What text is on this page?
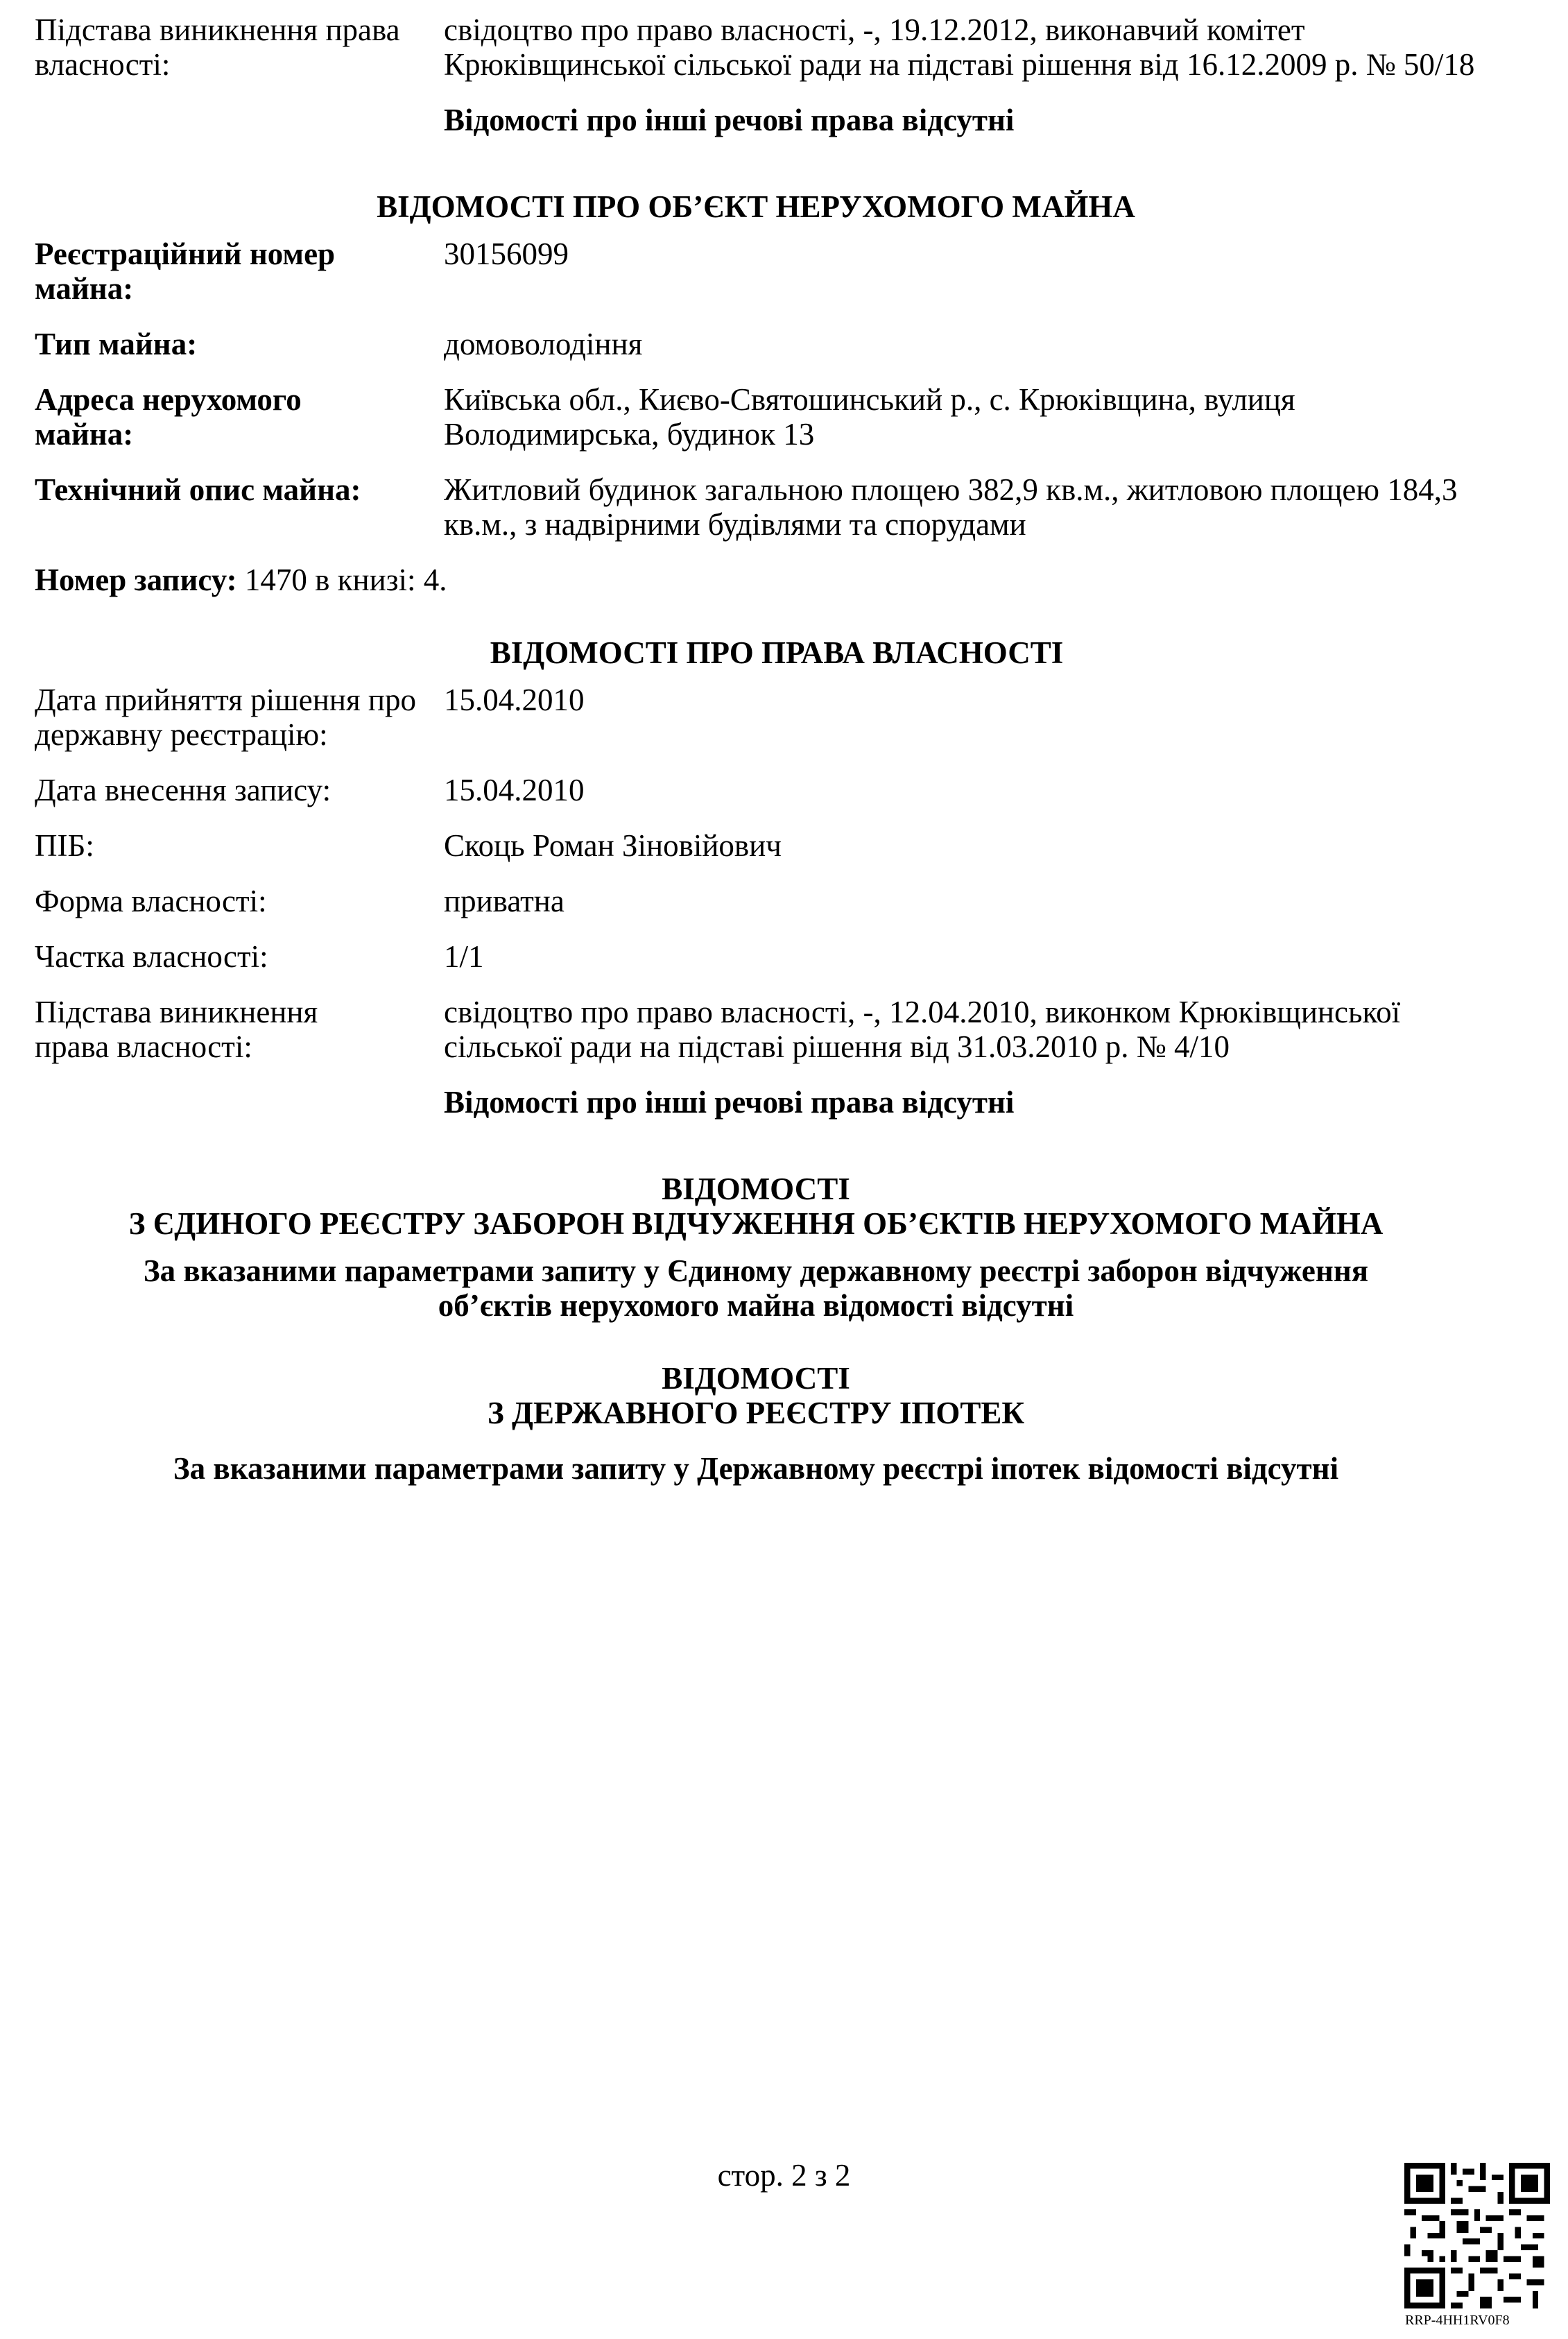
Підстава виникнення права власності:
свідоцтво про право власності, -, 19.12.2012, виконавчий комітет Крюківщинської сільської ради на підставі рішення від 16.12.2009 р. № 50/18
Відомості про інші речові права відсутні
ВІДОМОСТІ ПРО ОБ’ЄКТ НЕРУХОМОГО МАЙНА
Реєстраційний номер майна:
30156099
Тип майна:	домоволодіння
Адреса нерухомого майна:
Київська обл., Києво-Святошинський р., с. Крюківщина, вулиця Володимирська, будинок 13
Технічний опис майна:	Житловий будинок загальною площею 382,9 кв.м., житловою площею 184,3 кв.м., з надвірними будівлями та спорудами
Номер запису: 1470 в книзі: 4.
ВІДОМОСТІ ПРО ПРАВА ВЛАСНОСТІ
Дата прийняття рішення про державну реєстрацію:
15.04.2010
Дата внесення запису:	15.04.2010
ПІБ:	Скоць Роман Зіновійович
Форма власності:	приватна
Частка власності:	1/1
Підстава виникнення права власності:
свідоцтво про право власності, -, 12.04.2010, виконком Крюківщинської сільської ради на підставі рішення від 31.03.2010 р. № 4/10
Відомості про інші речові права відсутні
ВІДОМОСТІ
З ЄДИНОГО РЕЄСТРУ ЗАБОРОН ВІДЧУЖЕННЯ ОБ’ЄКТІВ НЕРУХОМОГО МАЙНА
За вказаними параметрами запиту у Єдиному державному реєстрі заборон відчуження об’єктів нерухомого майна відомості відсутні
ВІДОМОСТІ
З ДЕРЖАВНОГО РЕЄСТРУ ІПОТЕК
За вказаними параметрами запиту у Державному реєстрі іпотек відомості відсутні
стор. 2 з 2
RRP-4HH1RV0F8
